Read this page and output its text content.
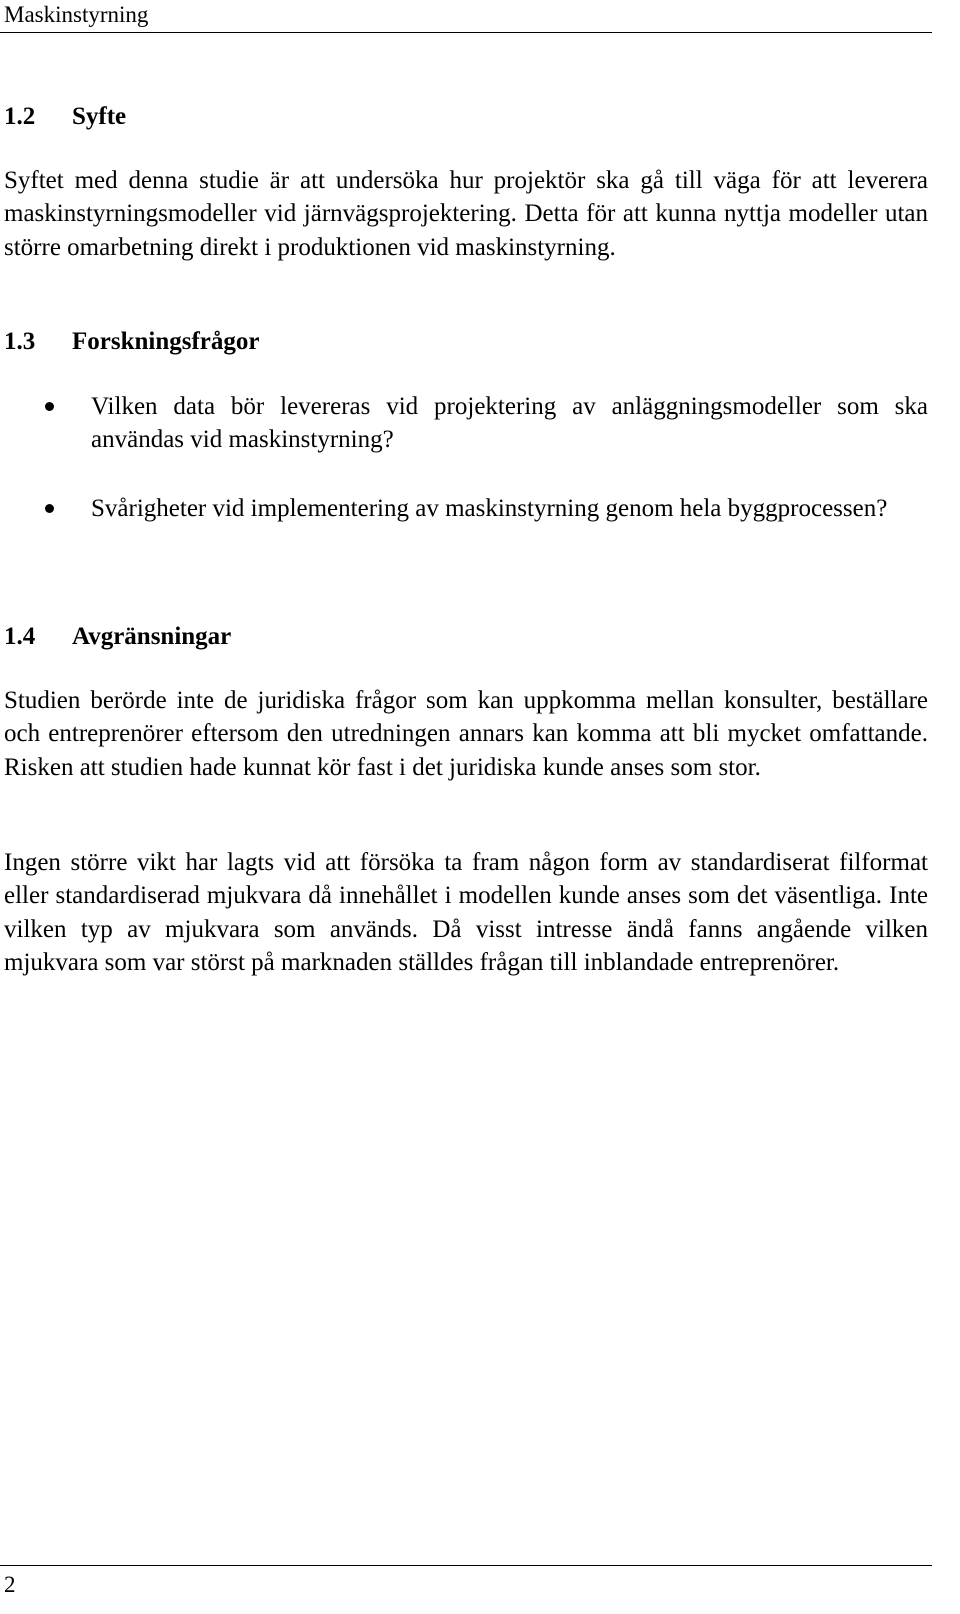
Maskinstyrning
1.2 Syfte

Syftet med denna studie är att undersöka hur projektör ska gå till väga för att leverera maskinstyrningsmodeller vid järnvägsprojektering. Detta för att kunna nyttja modeller utan större omarbetning direkt i produktionen vid maskinstyrning.

1.3 Forskningsfrågor
Vilken data bör levereras vid projektering av anläggningsmodeller som ska användas vid maskinstyrning?
Svårigheter vid implementering av maskinstyrning genom hela byggprocessen?
1.4 Avgränsningar

Studien berörde inte de juridiska frågor som kan uppkomma mellan konsulter, beställare och entreprenörer eftersom den utredningen annars kan komma att bli mycket omfattande. Risken att studien hade kunnat kör fast i det juridiska kunde anses som stor.

Ingen större vikt har lagts vid att försöka ta fram någon form av standardiserat filformat eller standardiserad mjukvara då innehållet i modellen kunde anses som det väsentliga. Inte vilken typ av mjukvara som används. Då visst intresse ändå fanns angående vilken mjukvara som var störst på marknaden ställdes frågan till inblandade entreprenörer.

2
